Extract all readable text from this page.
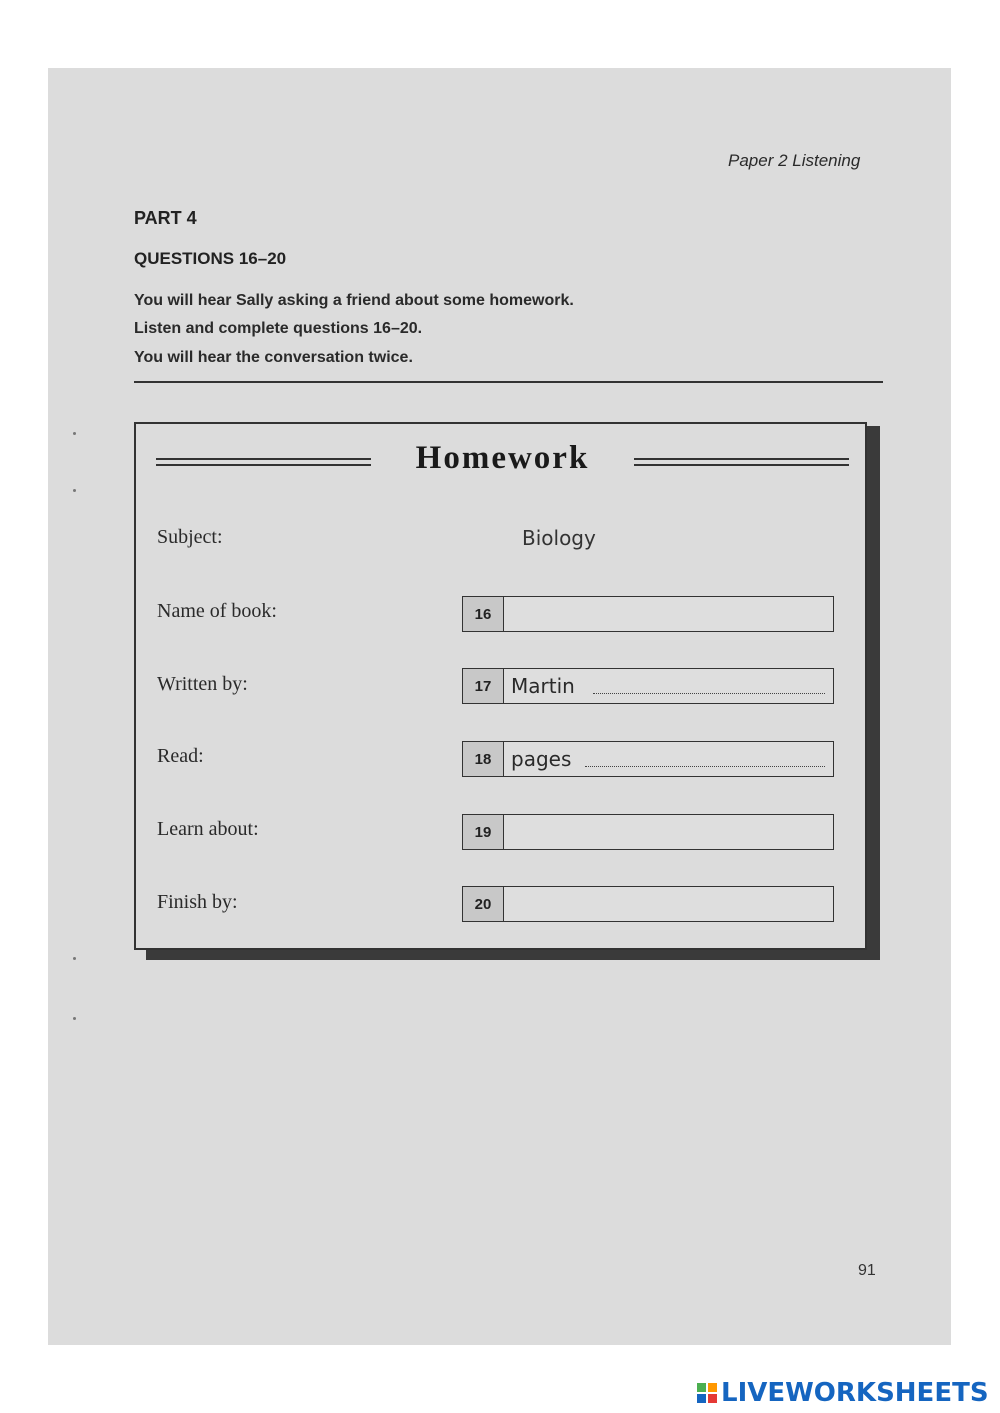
Paper 2 Listening
PART 4
QUESTIONS 16–20
You will hear Sally asking a friend about some homework.
Listen and complete questions 16–20.
You will hear the conversation twice.
Homework
Subject:	Biology
Name of book:	16
Written by:	17 Martin
Read:	18 pages
Learn about:	19
Finish by:	20
91
LIVEWORKSHEETS
